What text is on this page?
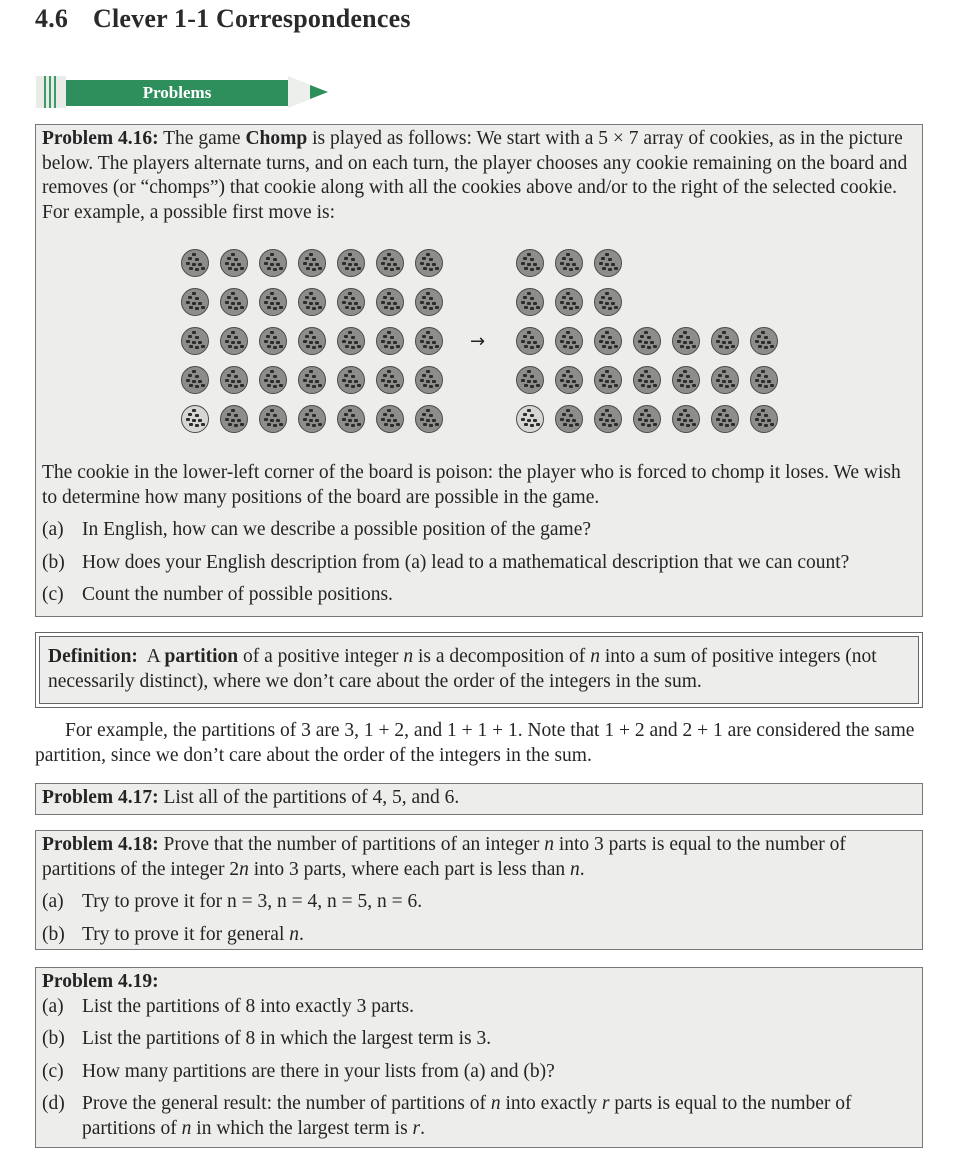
4.6 Clever 1-1 Correspondences
Problems
Problem 4.16: The game Chomp is played as follows: We start with a 5 × 7 array of cookies, as in the picture below. The players alternate turns, and on each turn, the player chooses any cookie remaining on the board and removes (or “chomps”) that cookie along with all the cookies above and/or to the right of the selected cookie. For example, a possible first move is:
The cookie in the lower-left corner of the board is poison: the player who is forced to chomp it loses. We wish to determine how many positions of the board are possible in the game.
(a) In English, how can we describe a possible position of the game?
(b) How does your English description from (a) lead to a mathematical description that we can count?
(c) Count the number of possible positions.
→
Definition:  A partition of a positive integer n is a decomposition of n into a sum of positive integers (not necessarily distinct), where we don’t care about the order of the integers in the sum.
For example, the partitions of 3 are 3, 1 + 2, and 1 + 1 + 1. Note that 1 + 2 and 2 + 1 are considered the same partition, since we don’t care about the order of the integers in the sum.
Problem 4.17: List all of the partitions of 4, 5, and 6.
Problem 4.18: Prove that the number of partitions of an integer n into 3 parts is equal to the number of partitions of the integer 2n into 3 parts, where each part is less than n.
(a) Try to prove it for n = 3, n = 4, n = 5, n = 6.
(b) Try to prove it for general n.
Problem 4.19:
(a) List the partitions of 8 into exactly 3 parts.
(b) List the partitions of 8 in which the largest term is 3.
(c) How many partitions are there in your lists from (a) and (b)?
(d) Prove the general result: the number of partitions of n into exactly r parts is equal to the number of partitions of n in which the largest term is r.
